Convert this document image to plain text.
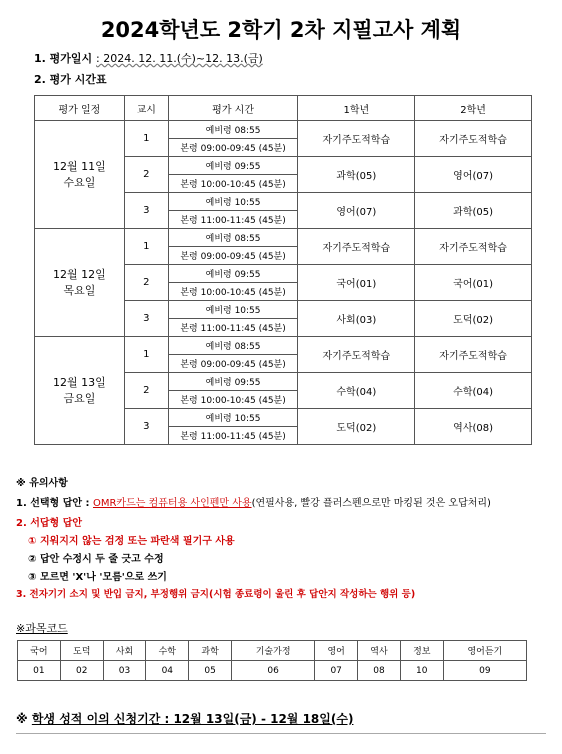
2024학년도 2학기 2차 지필고사 계획
1. 평가일시 : 2024. 12. 11.(수)~12. 13.(금)
2. 평가 시간표
평가 일정	교시	평가 시간	1학년	2학년

12월 11일
수요일	1	예비령 08:55	자기주도적학습	자기주도적학습
		본령 09:00-09:45 (45분)		
	2	예비령 09:55	과학(05)	영어(07)
		본령 10:00-10:45 (45분)		
	3	예비령 10:55	영어(07)	과학(05)
		본령 11:00-11:45 (45분)		

12월 12일
목요일	1	예비령 08:55	자기주도적학습	자기주도적학습
		본령 09:00-09:45 (45분)		
	2	예비령 09:55	국어(01)	국어(01)
		본령 10:00-10:45 (45분)		
	3	예비령 10:55	사회(03)	도덕(02)
		본령 11:00-11:45 (45분)		

12월 13일
금요일	1	예비령 08:55	자기주도적학습	자기주도적학습
		본령 09:00-09:45 (45분)		
	2	예비령 09:55	수학(04)	수학(04)
		본령 10:00-10:45 (45분)		
	3	예비령 10:55	도덕(02)	역사(08)
		본령 11:00-11:45 (45분)		
※ 유의사항
1. 선택형 답안 : OMR카드는 컴퓨터용 사인펜만 사용(연필사용, 빨강 플러스펜으로만 마킹된 것은 오답처리)
2. 서답형 답안
① 지워지지 않는 검정 또는 파란색 필기구 사용
② 답안 수정시 두 줄 긋고 수정
③ 모르면 'X'나 '모름'으로 쓰기
3. 전자기기 소지 및 반입 금지, 부정행위 금지(시험 종료령이 울린 후 답안지 작성하는 행위 등)
※과목코드
국어	도덕	사회	수학	과학	기술가정	영어	역사	정보	영어듣기
01	02	03	04	05	06	07	08	10	09
※ 학생 성적 이의 신청기간 : 12월 13일(금) - 12월 18일(수)
